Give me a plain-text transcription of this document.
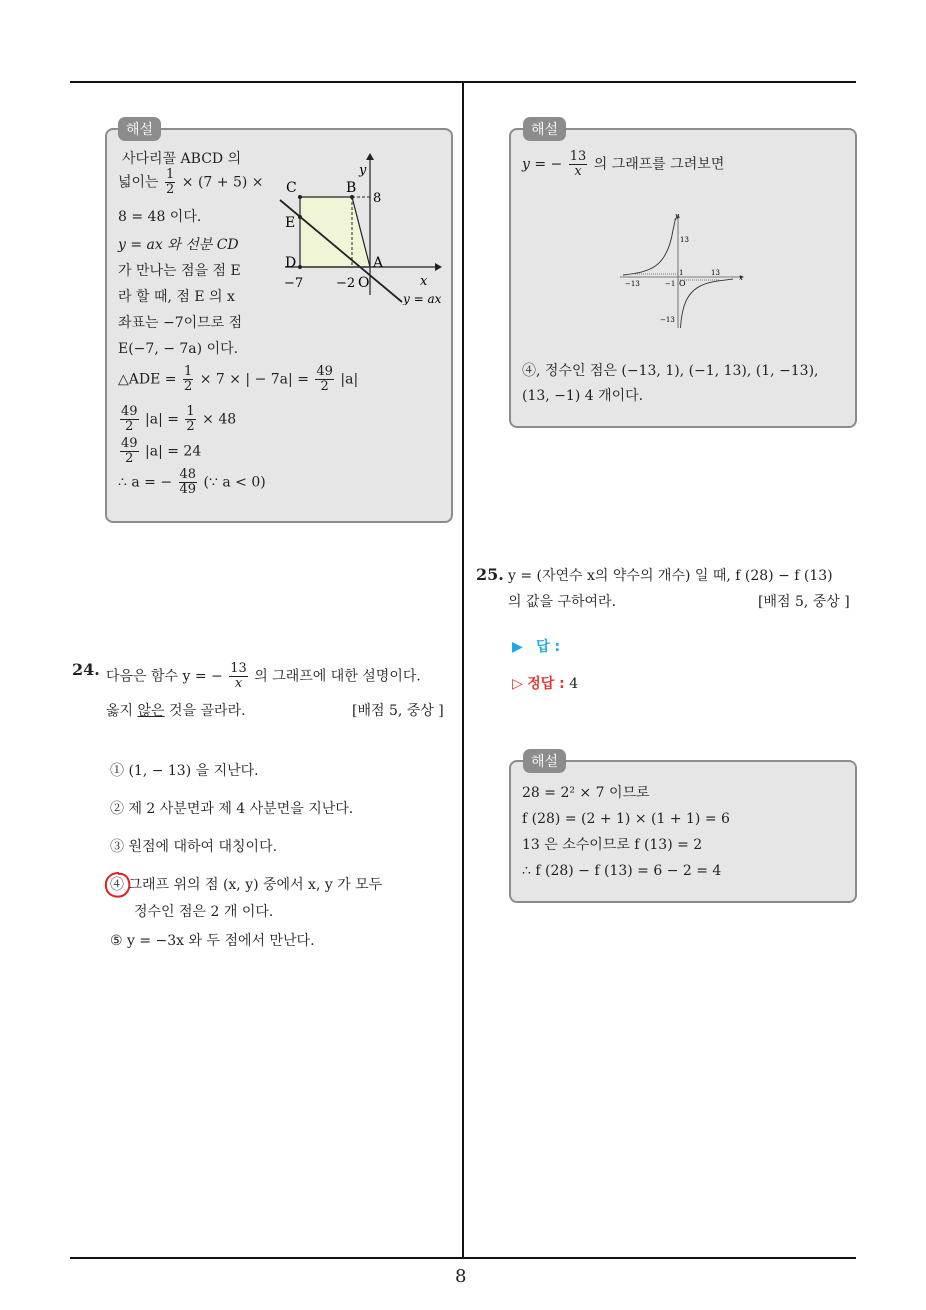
8
해설
사다리꼴 ABCD 의
넓이는 $\frac{1}{2} \times (7 + 5)$ ×
8 = 48 이다.
y = ax 와 선분 CD
가 만나는 점을 점 E
라 할 때, 점 E 의 x
좌표는 −7이므로 점
E(−7, − 7a) 이다.
△ADE = $\frac{1}{2} \times 7$ × | − $7a| = \frac{49}{2} |a|$
$\frac{49}{2} |a| = \frac{1}{2} \times 48$
$\frac{49}{2} |a| = 24$
∴ a = − $\frac{48}{49}$ (∵ a < 0)
y
x
C	B
E
D	A
O
8
−7	−2
y = ax
24. 다음은 함수 y = − $\frac{13}{x}$ 의 그래프에 대한 설명이다.
옳지 않은 것을 골라라.	[배점 5, 중상 ]
① (1, − 13) 을 지난다.
② 제 2 사분면과 제 4 사분면을 지난다.
③ 원점에 대하여 대칭이다.
④ 그래프 위의 점 (x, y) 중에서 x, y 가 모두
정수인 점은 2 개 이다.
⑤ y = −3x 와 두 점에서 만난다.
해설
y = − $\frac{13}{x}$ 의 그래프를 그려보면
y
x
13
−13
1
−1 O
13
−13
④, 정수인 점은 (−13, 1), (−1, 13), (1, −13),
(13, −1) 4 개이다.
25. y = (자연수 x의 약수의 개수) 일 때, f (28) − f (13)
의 값을 구하여라.	[배점 5, 중상 ]
▶ 답 :
▷ 정답 : 4
해설
28 = 2² × 7 이므로
f (28) = (2 + 1) × (1 + 1) = 6
13 은 소수이므로 f (13) = 2
∴ f (28) − f (13) = 6 − 2 = 4
